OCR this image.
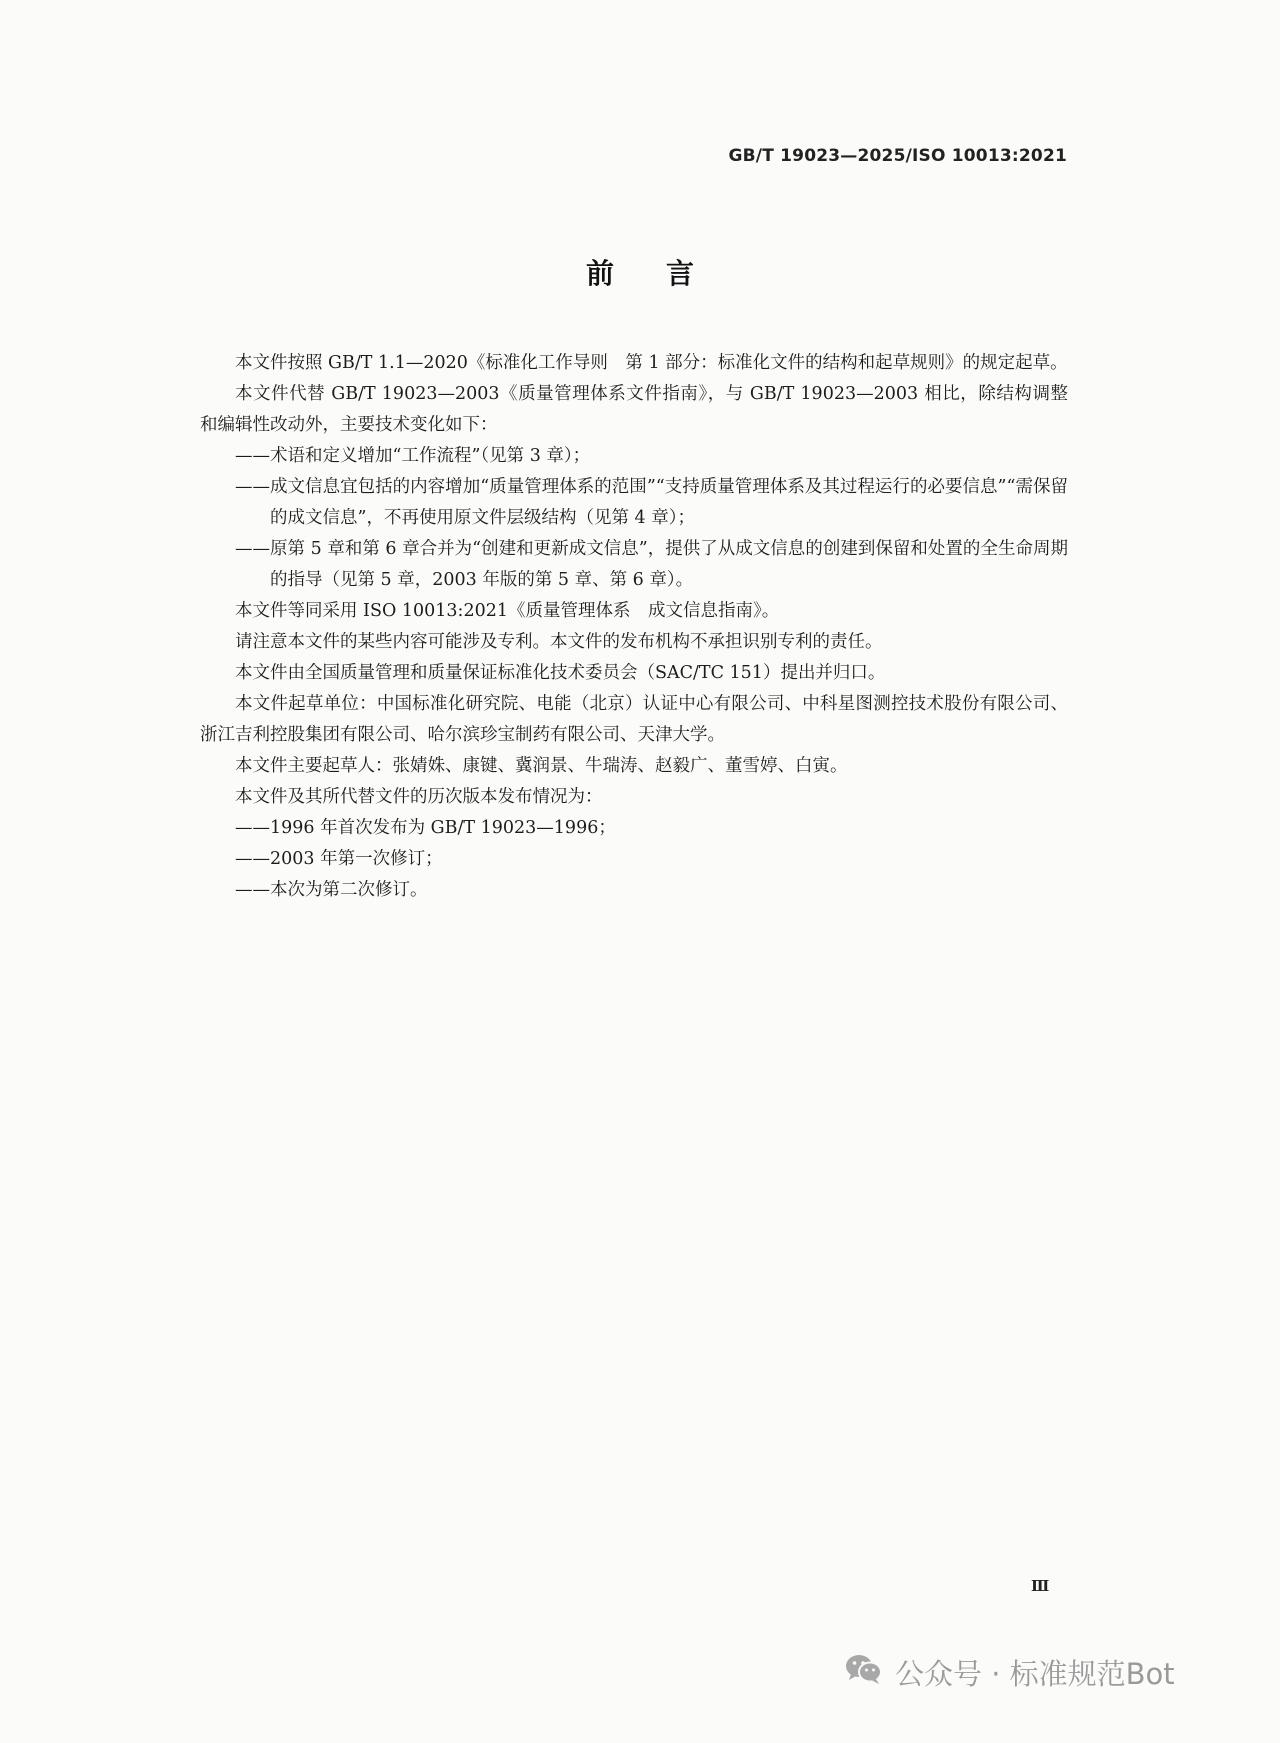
GB/T 19023—2025/ISO 10013:2021
前言

本文件按照 GB/T 1.1—2020《标准化工作导则　第 1 部分：标准化文件的结构和起草规则》的规定起草。

本文件代替 GB/T 19023—2003《质量管理体系文件指南》，与 GB/T 19023—2003 相比，除结构调整和编辑性改动外，主要技术变化如下：

——术语和定义增加“工作流程”（见第 3 章）；

——成文信息宜包括的内容增加“质量管理体系的范围”“支持质量管理体系及其过程运行的必要信息”“需保留的成文信息”，不再使用原文件层级结构（见第 4 章）；

——原第 5 章和第 6 章合并为“创建和更新成文信息”，提供了从成文信息的创建到保留和处置的全生命周期的指导（见第 5 章，2003 年版的第 5 章、第 6 章）。

本文件等同采用 ISO 10013:2021《质量管理体系　成文信息指南》。

请注意本文件的某些内容可能涉及专利。本文件的发布机构不承担识别专利的责任。

本文件由全国质量管理和质量保证标准化技术委员会（SAC/TC 151）提出并归口。

本文件起草单位：中国标准化研究院、电能（北京）认证中心有限公司、中科星图测控技术股份有限公司、浙江吉利控股集团有限公司、哈尔滨珍宝制药有限公司、天津大学。

本文件主要起草人：张婧姝、康键、冀润景、牛瑞涛、赵毅广、董雪婷、白寅。

本文件及其所代替文件的历次版本发布情况为：

——1996 年首次发布为 GB/T 19023—1996；

——2003 年第一次修订；

——本次为第二次修订。

Ⅲ
公众号 · 标准规范Bot
